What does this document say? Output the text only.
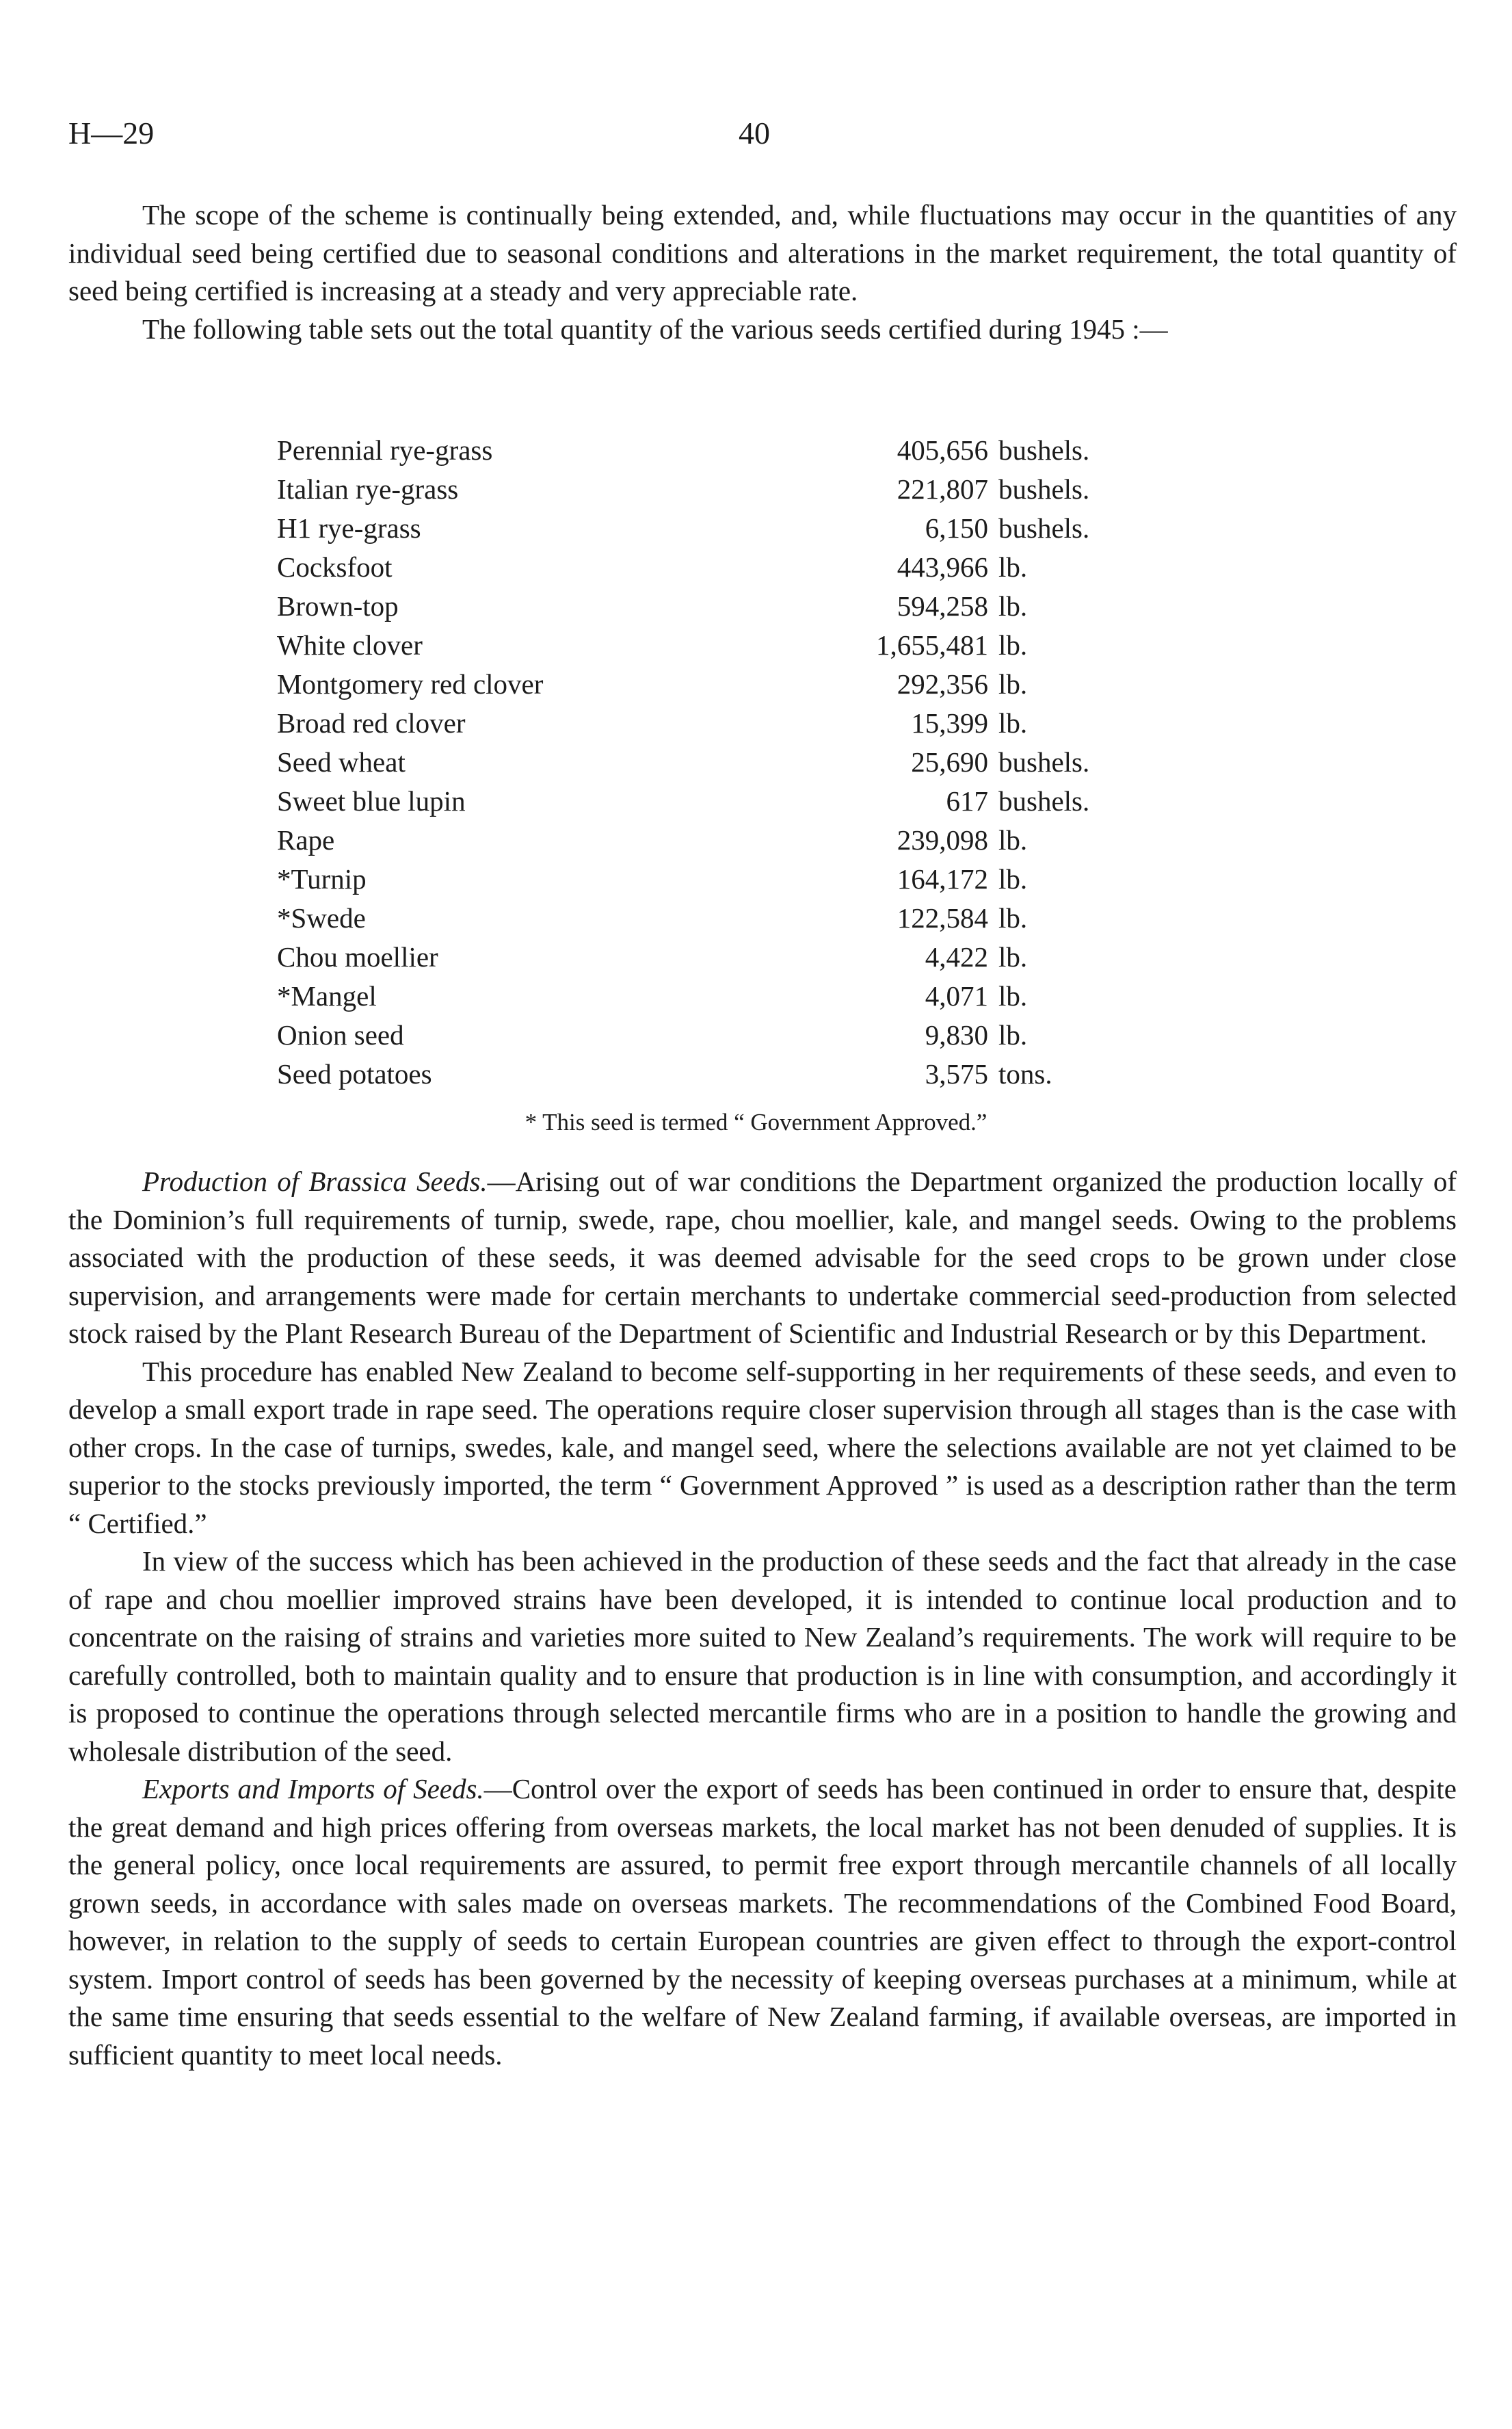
H—29	40

The scope of the scheme is continually being extended, and, while fluctuations may occur in the quantities of any individual seed being certified due to seasonal conditions and alterations in the market requirement, the total quantity of seed being certified is increasing at a steady and very appreciable rate.

The following table sets out the total quantity of the various seeds certified during 1945 :—

Perennial rye-grass	405,656 bushels.
Italian rye-grass	221,807 bushels.
H1 rye-grass	6,150 bushels.
Cocksfoot	443,966 lb.
Brown-top	594,258 lb.
White clover	1,655,481 lb.
Montgomery red clover	292,356 lb.
Broad red clover	15,399 lb.
Seed wheat	25,690 bushels.
Sweet blue lupin	617 bushels.
Rape	239,098 lb.
*Turnip	164,172 lb.
*Swede	122,584 lb.
Chou moellier	4,422 lb.
*Mangel	4,071 lb.
Onion seed	9,830 lb.
Seed potatoes	3,575 tons.
* This seed is termed “ Government Approved.”

Production of Brassica Seeds.—Arising out of war conditions the Department organized the production locally of the Dominion’s full requirements of turnip, swede, rape, chou moellier, kale, and mangel seeds. Owing to the problems associated with the production of these seeds, it was deemed advisable for the seed crops to be grown under close supervision, and arrangements were made for certain merchants to undertake commercial seed-production from selected stock raised by the Plant Research Bureau of the Department of Scientific and Industrial Research or by this Department.

This procedure has enabled New Zealand to become self-supporting in her requirements of these seeds, and even to develop a small export trade in rape seed. The operations require closer supervision through all stages than is the case with other crops. In the case of turnips, swedes, kale, and mangel seed, where the selections available are not yet claimed to be superior to the stocks previously imported, the term “ Government Approved ” is used as a description rather than the term “ Certified.”

In view of the success which has been achieved in the production of these seeds and the fact that already in the case of rape and chou moellier improved strains have been developed, it is intended to continue local production and to concentrate on the raising of strains and varieties more suited to New Zealand’s requirements. The work will require to be carefully controlled, both to maintain quality and to ensure that production is in line with consumption, and accordingly it is proposed to continue the operations through selected mercantile firms who are in a position to handle the growing and wholesale distribution of the seed.

Exports and Imports of Seeds.—Control over the export of seeds has been continued in order to ensure that, despite the great demand and high prices offering from overseas markets, the local market has not been denuded of supplies. It is the general policy, once local requirements are assured, to permit free export through mercantile channels of all locally grown seeds, in accordance with sales made on overseas markets. The recommendations of the Combined Food Board, however, in relation to the supply of seeds to certain European countries are given effect to through the export-control system. Import control of seeds has been governed by the necessity of keeping overseas purchases at a minimum, while at the same time ensuring that seeds essential to the welfare of New Zealand farming, if available overseas, are imported in sufficient quantity to meet local needs.
